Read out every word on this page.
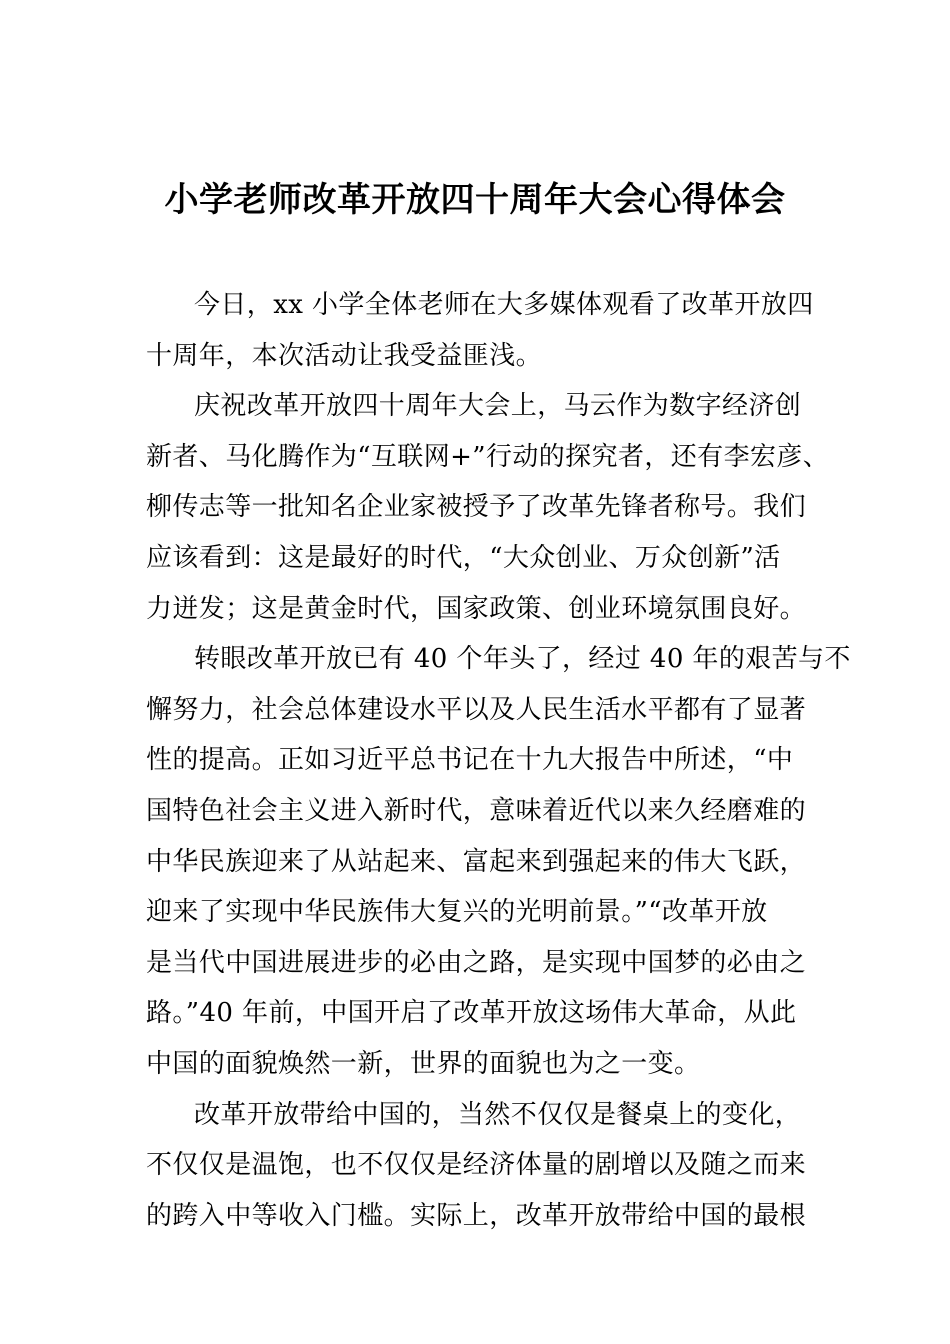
小学老师改革开放四十周年大会心得体会
今日，xx 小学全体老师在大多媒体观看了改革开放四
十周年，本次活动让我受益匪浅。
庆祝改革开放四十周年大会上，马云作为数字经济创
新者、马化腾作为“互联网+”行动的探究者，还有李宏彦、
柳传志等一批知名企业家被授予了改革先锋者称号。我们
应该看到：这是最好的时代，“大众创业、万众创新”活
力迸发；这是黄金时代，国家政策、创业环境氛围良好。
转眼改革开放已有 40 个年头了，经过 40 年的艰苦与不
懈努力，社会总体建设水平以及人民生活水平都有了显著
性的提高。正如习近平总书记在十九大报告中所述，“中
国特色社会主义进入新时代，意味着近代以来久经磨难的
中华民族迎来了从站起来、富起来到强起来的伟大飞跃，
迎来了实现中华民族伟大复兴的光明前景。”“改革开放
是当代中国进展进步的必由之路，是实现中国梦的必由之
路。”40 年前，中国开启了改革开放这场伟大革命，从此
中国的面貌焕然一新，世界的面貌也为之一变。
改革开放带给中国的，当然不仅仅是餐桌上的变化，
不仅仅是温饱，也不仅仅是经济体量的剧增以及随之而来
的跨入中等收入门槛。实际上，改革开放带给中国的最根
